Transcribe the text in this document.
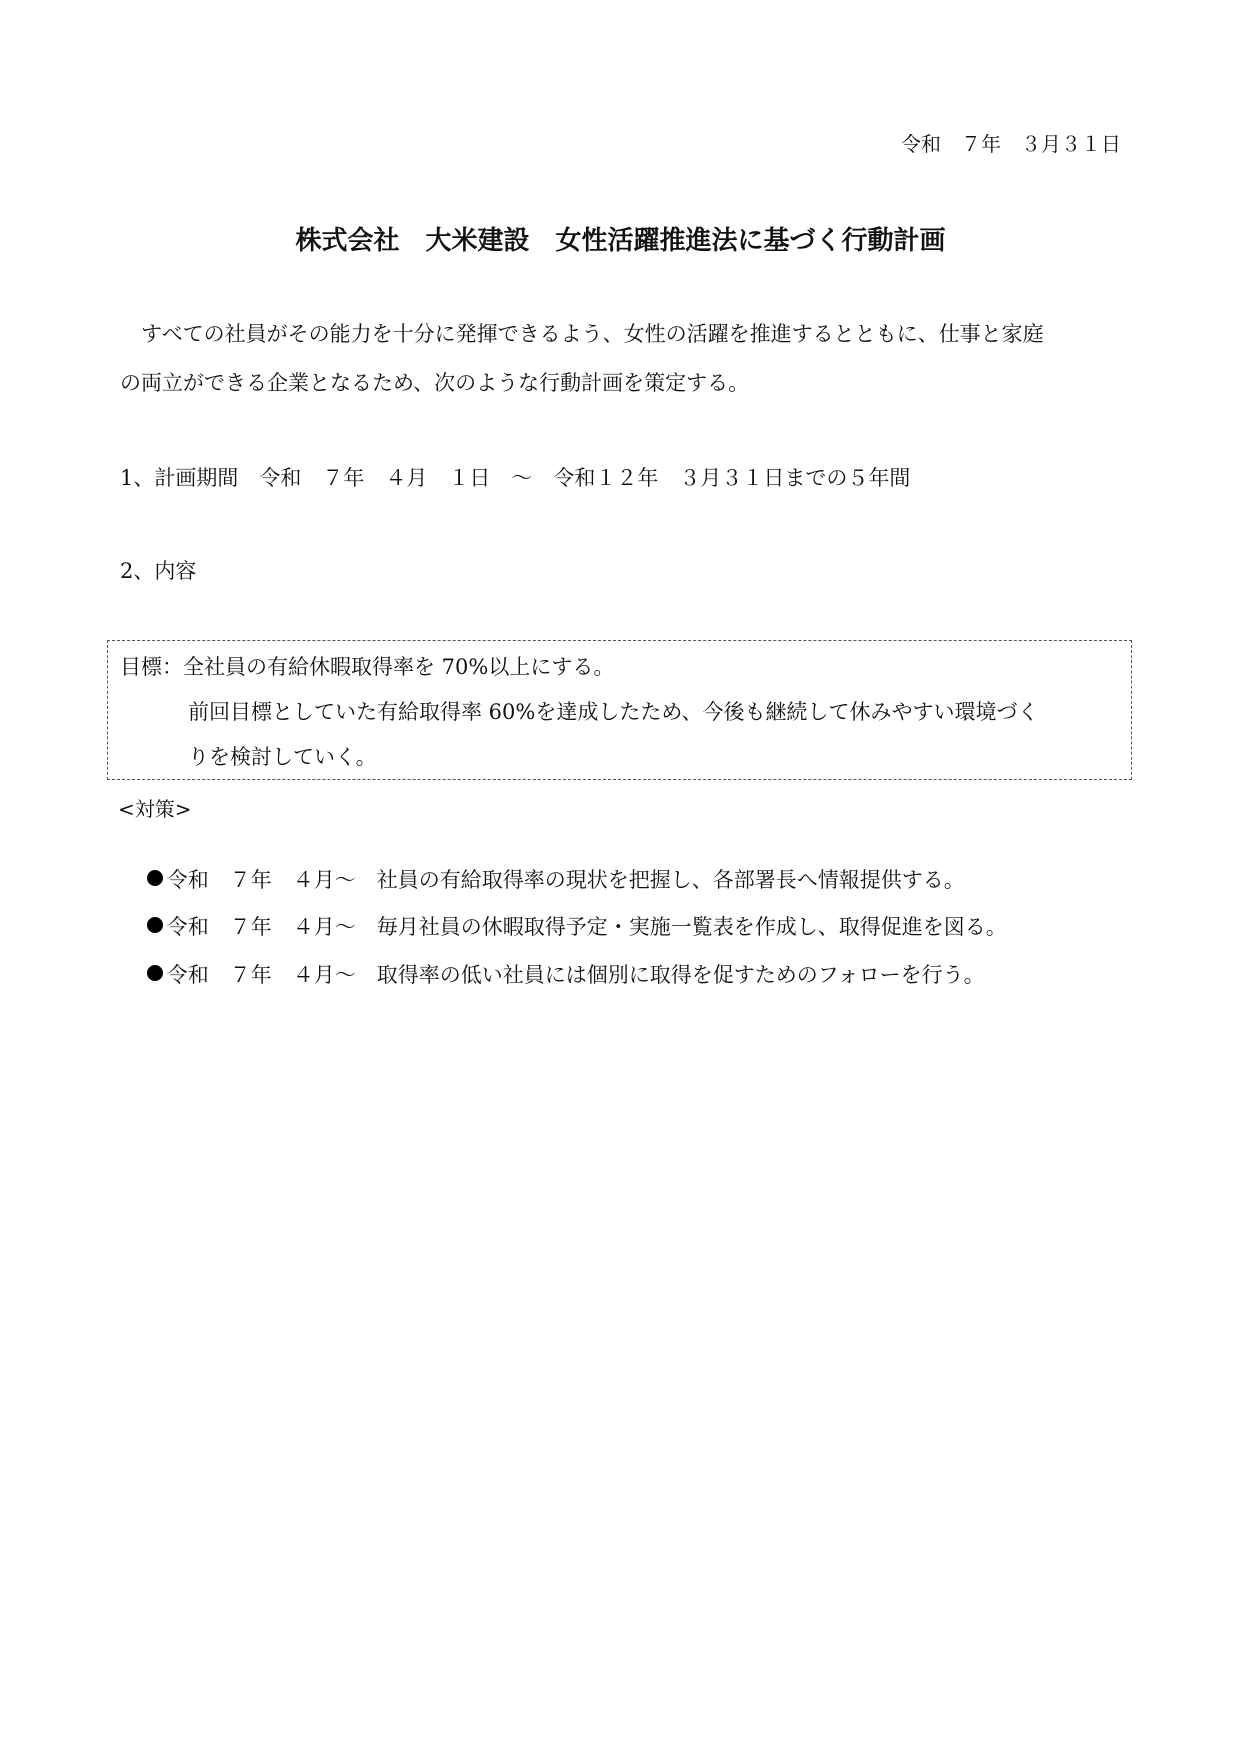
令和　７年　３月３１日
株式会社　大米建設　女性活躍推進法に基づく行動計画
　すべての社員がその能力を十分に発揮できるよう、女性の活躍を推進するとともに、仕事と家庭
の両立ができる企業となるため、次のような行動計画を策定する。
1、計画期間　令和　７年　４月　１日　～　令和１２年　３月３１日までの５年間
2、内容
目標：全社員の有給休暇取得率を 70%以上にする。
前回目標としていた有給取得率 60%を達成したため、今後も継続して休みやすい環境づく
りを検討していく。
<対策>

令和　７年　４月～　社員の有給取得率の現状を把握し、各部署長へ情報提供する。

令和　７年　４月～　毎月社員の休暇取得予定・実施一覧表を作成し、取得促進を図る。

令和　７年　４月～　取得率の低い社員には個別に取得を促すためのフォローを行う。
